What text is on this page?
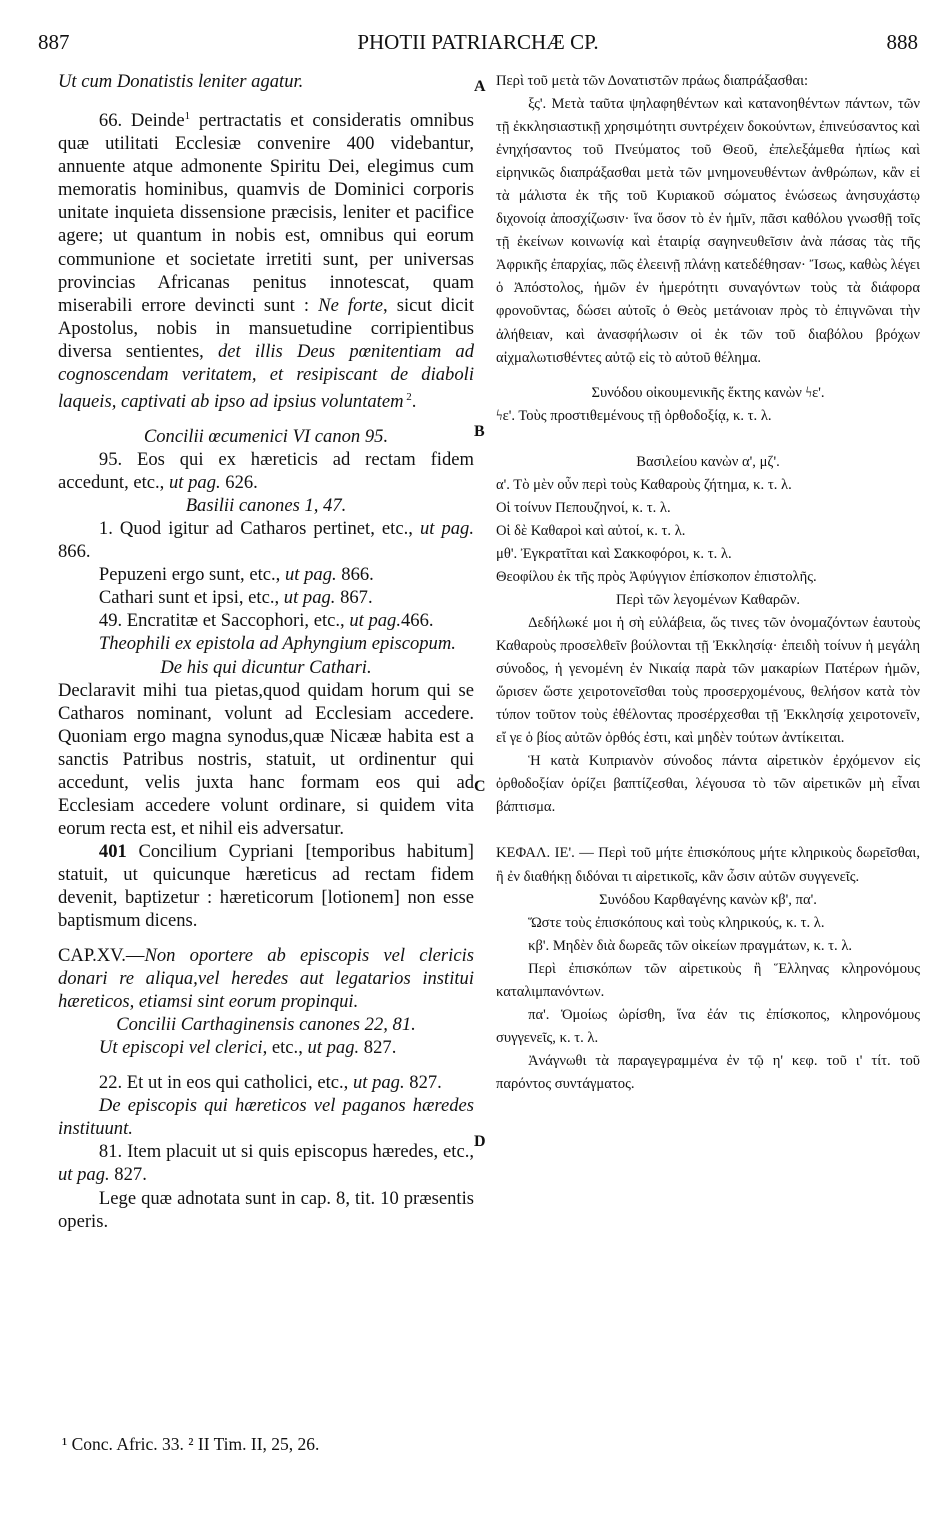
887	PHOTII PATRIARCHÆ CP.	888
A
B
C
D

Ut cum Donatistis leniter agatur.

66. Deinde$^1$ pertractatis et consideratis omnibus quæ utilitati Ecclesiæ convenire 400 videbantur, annuente atque admonente Spiritu Dei, elegimus cum memoratis hominibus, quamvis de Dominici corporis unitate inquieta dissensione præcisis, leniter et pacifice agere; ut quantum in nobis est, omnibus qui eorum communione et societate irretiti sunt, per universas provincias Africanas penitus innotescat, quam miserabili errore devincti sunt : Ne forte, sicut dicit Apostolus, nobis in mansuetudine corripientibus diversa sentientes, det illis Deus pœnitentiam ad cognoscendam veritatem, et resipiscant de diaboli laqueis, captivati ab ipso ad ipsius voluntatem $^2$.

Concilii œcumenici VI canon 95.

95. Eos qui ex hæreticis ad rectam fidem accedunt, etc., ut pag. 626.

Basilii canones 1, 47.

1. Quod igitur ad Catharos pertinet, etc., ut pag. 866.

Pepuzeni ergo sunt, etc., ut pag. 866.

Cathari sunt et ipsi, etc., ut pag. 867.

49. Encratitæ et Saccophori, etc., ut pag.466.

Theophili ex epistola ad Aphyngium episcopum.

De his qui dicuntur Cathari.

Declaravit mihi tua pietas,quod quidam horum qui se Catharos nominant, volunt ad Ecclesiam accedere. Quoniam ergo magna synodus,quæ Nicææ habita est a sanctis Patribus nostris, statuit, ut ordinentur qui accedunt, velis juxta hanc formam eos qui ad Ecclesiam accedere volunt ordinare, si quidem vita eorum recta est, et nihil eis adversatur.

401 Concilium Cypriani [temporibus habitum] statuit, ut quicunque hæreticus ad rectam fidem devenit, baptizetur : hæreticorum [lotionem] non esse baptismum dicens.

CAP.XV.—Non oportere ab episcopis vel clericis donari re aliqua,vel heredes aut legatarios institui hæreticos, etiamsi sint eorum propinqui.

Concilii Carthaginensis canones 22, 81.

Ut episcopi vel clerici, etc., ut pag. 827.

22. Et ut in eos qui catholici, etc., ut pag. 827.

De episcopis qui hæreticos vel paganos hæredes instituunt.

81. Item placuit ut si quis episcopus hæredes, etc., ut pag. 827.

Lege quæ adnotata sunt in cap. 8, tit. 10 præsentis operis.

Περὶ τοῦ μετὰ τῶν Δονατιστῶν πράως διαπράξασθαι:

ξς'. Μετὰ ταῦτα ψηλαφηθέντων καὶ κατανοηθέντων πάντων, τῶν τῇ ἐκκλησιαστικῇ χρησιμότητι συντρέχειν δοκούντων, ἐπινεύσαντος καὶ ἐνηχήσαντος τοῦ Πνεύματος τοῦ Θεοῦ, ἐπελεξάμεθα ἠπίως καὶ εἰρηνικῶς διαπράξασθαι μετὰ τῶν μνημονευθέντων ἀνθρώπων, κἂν εἰ τὰ μάλιστα ἐκ τῆς τοῦ Κυριακοῦ σώματος ἑνώσεως ἀνησυχάστῳ διχονοίᾳ ἀποσχίζωσιν· ἵνα ὅσον τὸ ἐν ἡμῖν, πᾶσι καθόλου γνωσθῇ τοῖς τῇ ἐκείνων κοινωνίᾳ καὶ ἑταιρίᾳ σαγηνευθεῖσιν ἀνὰ πάσας τὰς τῆς Ἀφρικῆς ἐπαρχίας, πῶς ἐλεεινῇ πλάνῃ κατεδέθησαν· Ἴσως, καθὼς λέγει ὁ Ἀπόστολος, ἡμῶν ἐν ἡμερότητι συναγόντων τοὺς τὰ διάφορα φρονοῦντας, δώσει αὐτοῖς ὁ Θεὸς μετάνοιαν πρὸς τὸ ἐπιγνῶναι τὴν ἀλήθειαν, καὶ ἀνασφήλωσιν οἱ ἐκ τῶν τοῦ διαβόλου βρόχων αἰχμαλωτισθέντες αὐτῷ εἰς τὸ αὐτοῦ θέλημα.

Συνόδου οἰκουμενικῆς ἕκτης κανὼν ϟε'.

ϟε'. Τοὺς προστιθεμένους τῇ ὀρθοδοξίᾳ, κ. τ. λ.

Βασιλείου κανὼν α', μζ'.

α'. Τὸ μὲν οὖν περὶ τοὺς Καθαροὺς ζήτημα, κ. τ. λ.

Οἱ τοίνυν Πεπουζηνοί, κ. τ. λ.

Οἱ δὲ Καθαροὶ καὶ αὐτοί, κ. τ. λ.

μθ'. Ἐγκρατῖται καὶ Σακκοφόροι, κ. τ. λ.

Θεοφίλου ἐκ τῆς πρὸς Ἀφύγγιον ἐπίσκοπον ἐπιστολῆς.

Περὶ τῶν λεγομένων Καθαρῶν.

Δεδήλωκέ μοι ἡ σὴ εὐλάβεια, ὥς τινες τῶν ὀνομαζόντων ἑαυτοὺς Καθαροὺς προσελθεῖν βούλονται τῇ Ἐκκλησίᾳ· ἐπειδὴ τοίνυν ἡ μεγάλη σύνοδος, ἡ γενομένη ἐν Νικαίᾳ παρὰ τῶν μακαρίων Πατέρων ἡμῶν, ὥρισεν ὥστε χειροτονεῖσθαι τοὺς προσερχομένους, θελήσον κατὰ τὸν τύπον τοῦτον τοὺς ἐθέλοντας προσέρχεσθαι τῇ Ἐκκλησίᾳ χειροτονεῖν, εἴ γε ὁ βίος αὐτῶν ὀρθός ἐστι, καὶ μηδὲν τούτων ἀντίκειται.

Ἡ κατὰ Κυπριανὸν σύνοδος πάντα αἱρετικὸν ἐρχόμενον εἰς ὀρθοδοξίαν ὁρίζει βαπτίζεσθαι, λέγουσα τὸ τῶν αἱρετικῶν μὴ εἶναι βάπτισμα.

ΚΕΦΑΛ. ΙΕ'. — Περὶ τοῦ μήτε ἐπισκόπους μήτε κληρικοὺς δωρεῖσθαι, ἢ ἐν διαθήκῃ διδόναι τι αἱρετικοῖς, κἂν ὦσιν αὐτῶν συγγενεῖς.

Συνόδου Καρθαγένης κανὼν κβ', πα'.

Ὥστε τοὺς ἐπισκόπους καὶ τοὺς κληρικούς, κ. τ. λ.

κβ'. Μηδὲν διὰ δωρεᾶς τῶν οἰκείων πραγμάτων, κ. τ. λ.

Περὶ ἐπισκόπων τῶν αἱρετικοὺς ἢ Ἕλληνας κληρονόμους καταλιμπανόντων.

πα'. Ὁμοίως ὡρίσθη, ἵνα ἐάν τις ἐπίσκοπος, κληρονόμους συγγενεῖς, κ. τ. λ.

Ἀνάγνωθι τὰ παραγεγραμμένα ἐν τῷ η' κεφ. τοῦ ι' τίτ. τοῦ παρόντος συντάγματος.

¹ Conc. Afric. 33. ² II Tim. II, 25, 26.
